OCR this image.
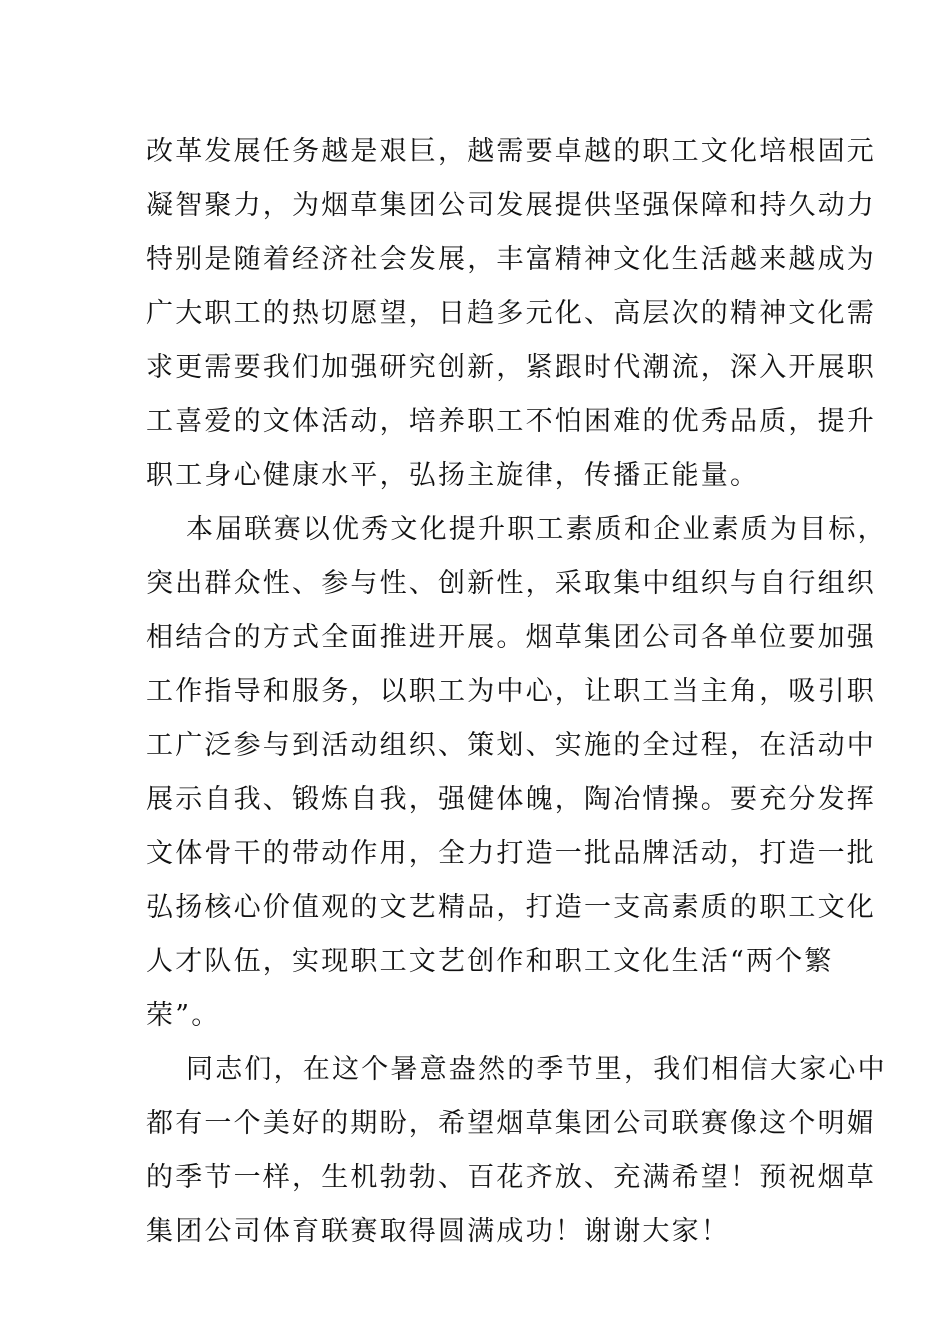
改革发展任务越是艰巨，越需要卓越的职工文化培根固元
凝智聚力，为烟草集团公司发展提供坚强保障和持久动力
特别是随着经济社会发展，丰富精神文化生活越来越成为
广大职工的热切愿望，日趋多元化、高层次的精神文化需
求更需要我们加强研究创新，紧跟时代潮流，深入开展职
工喜爱的文体活动，培养职工不怕困难的优秀品质，提升
职工身心健康水平，弘扬主旋律，传播正能量。
本届联赛以优秀文化提升职工素质和企业素质为目标，
突出群众性、参与性、创新性，采取集中组织与自行组织
相结合的方式全面推进开展。烟草集团公司各单位要加强
工作指导和服务，以职工为中心，让职工当主角，吸引职
工广泛参与到活动组织、策划、实施的全过程，在活动中
展示自我、锻炼自我，强健体魄，陶冶情操。要充分发挥
文体骨干的带动作用，全力打造一批品牌活动，打造一批
弘扬核心价值观的文艺精品，打造一支高素质的职工文化
人才队伍，实现职工文艺创作和职工文化生活“两个繁
荣”。
同志们，在这个暑意盎然的季节里，我们相信大家心中
都有一个美好的期盼，希望烟草集团公司联赛像这个明媚
的季节一样，生机勃勃、百花齐放、充满希望！预祝烟草
集团公司体育联赛取得圆满成功！谢谢大家！
